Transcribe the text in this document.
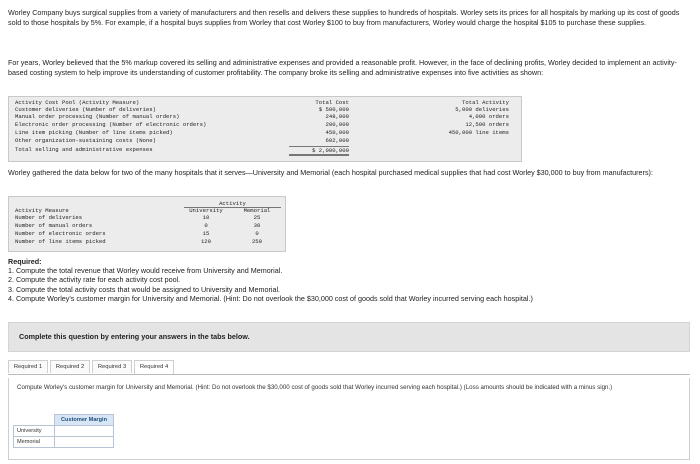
Worley Company buys surgical supplies from a variety of manufacturers and then resells and delivers these supplies to hundreds of hospitals. Worley sets its prices for all hospitals by marking up its cost of goods sold to those hospitals by 5%. For example, if a hospital buys supplies from Worley that cost Worley $100 to buy from manufacturers, Worley would charge the hospital $105 to purchase these supplies.

For years, Worley believed that the 5% markup covered its selling and administrative expenses and provided a reasonable profit. However, in the face of declining profits, Worley decided to implement an activity-based costing system to help improve its understanding of customer profitability. The company broke its selling and administrative expenses into five activities as shown:

Activity Cost Pool (Activity Measure)	Total Cost	Total Activity
Customer deliveries (Number of deliveries)	$ 500,000	5,000 deliveries
Manual order processing (Number of manual orders)	248,000	4,000 orders
Electronic order processing (Number of electronic orders)	200,000	12,500 orders
Line item picking (Number of line items picked)	450,000	450,000 line items
Other organization-sustaining costs (None)	602,000
Total selling and administrative expenses	$ 2,000,000

Worley gathered the data below for two of the many hospitals that it serves—University and Memorial (each hospital purchased medical supplies that had cost Worley $30,000 to buy from manufacturers):

Activity
Activity Measure	University	Memorial
Number of deliveries	10	25
Number of manual orders	0	30
Number of electronic orders	15	0
Number of line items picked	120	250
Required:
1. Compute the total revenue that Worley would receive from University and Memorial.
2. Compute the activity rate for each activity cost pool.
3. Compute the total activity costs that would be assigned to University and Memorial.
4. Compute Worley's customer margin for University and Memorial. (Hint: Do not overlook the $30,000 cost of goods sold that Worley incurred serving each hospital.)
Complete this question by entering your answers in the tabs below.
Required 1	Required 2	Required 3	Required 4
Compute Worley's customer margin for University and Memorial. (Hint: Do not overlook the $30,000 cost of goods sold that Worley incurred serving each hospital.) (Loss amounts should be indicated with a minus sign.)
	Customer Margin
University	
Memorial	
